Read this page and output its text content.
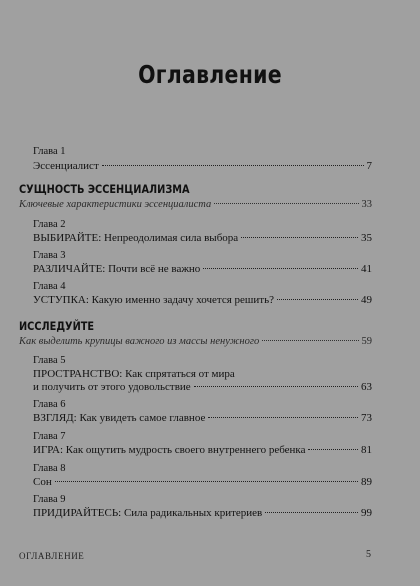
Оглавление
Глава 1
Эссенциалист	7
СУЩНОСТЬ ЭССЕНЦИАЛИЗМА
Ключевые характеристики эссенциалиста	33
Глава 2
ВЫБИРАЙТЕ: Непреодолимая сила выбора	35
Глава 3
РАЗЛИЧАЙТЕ: Почти всё не важно	41
Глава 4
УСТУПКА: Какую именно задачу хочется решить?	49
ИССЛЕДУЙТЕ
Как выделить крупицы важного из массы ненужного	59
Глава 5
ПРОСТРАНСТВО: Как спрятаться от мира
и получить от этого удовольствие	63
Глава 6
ВЗГЛЯД: Как увидеть самое главное	73
Глава 7
ИГРА: Как ощутить мудрость своего внутреннего ребенка	81
Глава 8
Сон	89
Глава 9
ПРИДИРАЙТЕСЬ: Сила радикальных критериев	99
ОГЛАВЛЕНИЕ	5
